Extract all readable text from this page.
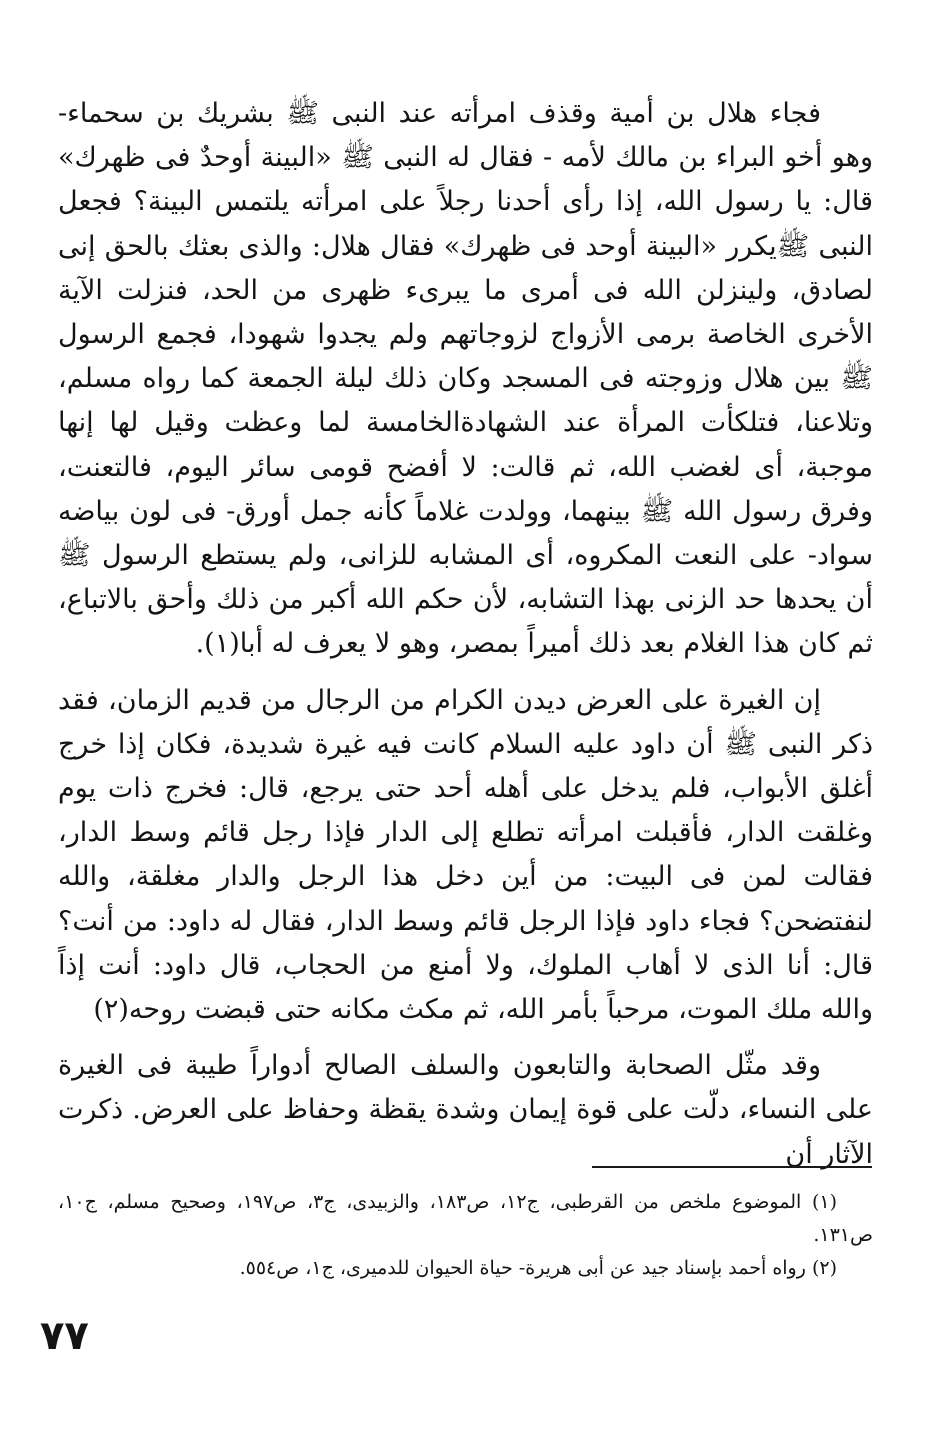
فجاء هلال بن أمية وقذف امرأته عند النبى ﷺ بشريك بن سحماء- وهو أخو البراء بن مالك لأمه - فقال له النبى ﷺ «البينة أوحدٌ فى ظهرك» قال: يا رسول الله، إذا رأى أحدنا رجلاً على امرأته يلتمس البينة؟ فجعل النبى ﷺيكرر «البينة أوحد فى ظهرك» فقال هلال: والذى بعثك بالحق إنى لصادق، ولينزلن الله فى أمرى ما يبرىء ظهرى من الحد، فنزلت الآية الأخرى الخاصة برمى الأزواج لزوجاتهم ولم يجدوا شهودا، فجمع الرسول ﷺ بين هلال وزوجته فى المسجد وكان ذلك ليلة الجمعة كما رواه مسلم، وتلاعنا، فتلكأت المرأة عند الشهادةالخامسة لما وعظت وقيل لها إنها موجبة، أى لغضب الله، ثم قالت: لا أفضح قومى سائر اليوم، فالتعنت، وفرق رسول الله ﷺ بينهما، وولدت غلاماً كأنه جمل أورق- فى لون بياضه سواد- على النعت المكروه، أى المشابه للزانى، ولم يستطع الرسول ﷺ أن يحدها حد الزنى بهذا التشابه، لأن حكم الله أكبر من ذلك وأحق بالاتباع، ثم كان هذا الغلام بعد ذلك أميراً بمصر، وهو لا يعرف له أبا(١).

إن الغيرة على العرض ديدن الكرام من الرجال من قديم الزمان، فقد ذكر النبى ﷺ أن داود عليه السلام كانت فيه غيرة شديدة، فكان إذا خرج أغلق الأبواب، فلم يدخل على أهله أحد حتى يرجع، قال: فخرج ذات يوم وغلقت الدار، فأقبلت امرأته تطلع إلى الدار فإذا رجل قائم وسط الدار، فقالت لمن فى البيت: من أين دخل هذا الرجل والدار مغلقة، والله لنفتضحن؟ فجاء داود فإذا الرجل قائم وسط الدار، فقال له داود: من أنت؟ قال: أنا الذى لا أهاب الملوك، ولا أمنع من الحجاب، قال داود: أنت إذاً والله ملك الموت، مرحباً بأمر الله، ثم مكث مكانه حتى قبضت روحه(٢)

وقد مثّل الصحابة والتابعون والسلف الصالح أدواراً طيبة فى الغيرة على النساء، دلّت على قوة إيمان وشدة يقظة وحفاظ على العرض. ذكرت الآثار أن

(١) الموضوع ملخص من القرطبى، ج١٢، ص١٨٣، والزبيدى، ج٣، ص١٩٧، وصحيح مسلم، ج١٠، ص١٣١.

(٢) رواه أحمد بإسناد جيد عن أبى هريرة- حياة الحيوان للدميرى، ج١، ص٥٥٤.

٧٧
